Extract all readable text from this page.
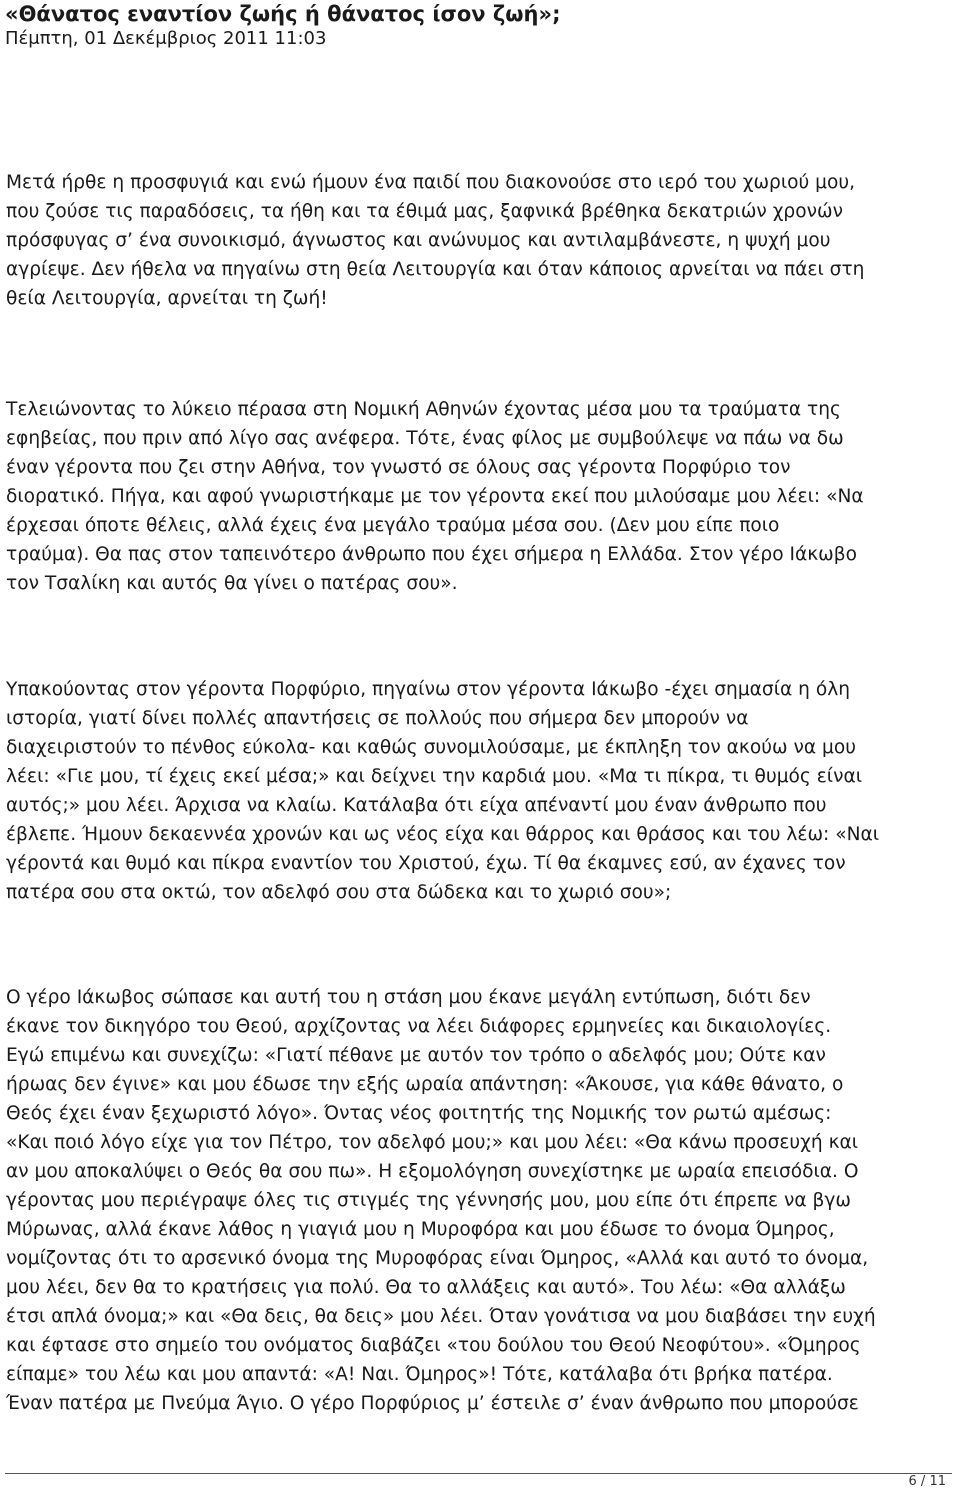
«Θάνατος εναντίον ζωής ή θάνατος ίσον ζωή»;
Πέμπτη, 01 Δεκέμβριος 2011 11:03
Μετά ήρθε η προσφυγιά και ενώ ήμουν ένα παιδί που διακονούσε στο ιερό του χωριού μου,
που ζούσε τις παραδόσεις, τα ήθη και τα έθιμά μας, ξαφνικά βρέθηκα δεκατριών χρονών
πρόσφυγας σ’ ένα συνοικισμό, άγνωστος και ανώνυμος και αντιλαμβάνεστε, η ψυχή μου
αγρίεψε. Δεν ήθελα να πηγαίνω στη θεία Λειτουργία και όταν κάποιος αρνείται να πάει στη
θεία Λειτουργία, αρνείται τη ζωή!
Τελειώνοντας το λύκειο πέρασα στη Νομική Αθηνών έχοντας μέσα μου τα τραύματα της
εφηβείας, που πριν από λίγο σας ανέφερα. Τότε, ένας φίλος με συμβούλεψε να πάω να δω
έναν γέροντα που ζει στην Αθήνα, τον γνωστό σε όλους σας γέροντα Πορφύριο τον
διορατικό. Πήγα, και αφού γνωριστήκαμε με τον γέροντα εκεί που μιλούσαμε μου λέει: «Να
έρχεσαι όποτε θέλεις, αλλά έχεις ένα μεγάλο τραύμα μέσα σου. (Δεν μου είπε ποιο
τραύμα). Θα πας στον ταπεινότερο άνθρωπο που έχει σήμερα η Ελλάδα. Στον γέρο Ιάκωβο
τον Τσαλίκη και αυτός θα γίνει ο πατέρας σου».
Υπακούοντας στον γέροντα Πορφύριο, πηγαίνω στον γέροντα Ιάκωβο -έχει σημασία η όλη
ιστορία, γιατί δίνει πολλές απαντήσεις σε πολλούς που σήμερα δεν μπορούν να
διαχειριστούν το πένθος εύκολα- και καθώς συνομιλούσαμε, με έκπληξη τον ακούω να μου
λέει: «Γιε μου, τί έχεις εκεί μέσα;» και δείχνει την καρδιά μου. «Μα τι πίκρα, τι θυμός είναι
αυτός;» μου λέει. Άρχισα να κλαίω. Κατάλαβα ότι είχα απέναντί μου έναν άνθρωπο που
έβλεπε. Ήμουν δεκαεννέα χρονών και ως νέος είχα και θάρρος και θράσος και του λέω: «Ναι
γέροντά και θυμό και πίκρα εναντίον του Χριστού, έχω. Τί θα έκαμνες εσύ, αν έχανες τον
πατέρα σου στα οκτώ, τον αδελφό σου στα δώδεκα και το χωριό σου»;
Ο γέρο Ιάκωβος σώπασε και αυτή του η στάση μου έκανε μεγάλη εντύπωση, διότι δεν
έκανε τον δικηγόρο του Θεού, αρχίζοντας να λέει διάφορες ερμηνείες και δικαιολογίες.
Εγώ επιμένω και συνεχίζω: «Γιατί πέθανε με αυτόν τον τρόπο ο αδελφός μου; Ούτε καν
ήρωας δεν έγινε» και μου έδωσε την εξής ωραία απάντηση: «Άκουσε, για κάθε θάνατο, ο
Θεός έχει έναν ξεχωριστό λόγο». Όντας νέος φοιτητής της Νομικής τον ρωτώ αμέσως:
«Και ποιό λόγο είχε για τον Πέτρο, τον αδελφό μου;» και μου λέει: «Θα κάνω προσευχή και
αν μου αποκαλύψει ο Θεός θα σου πω». Η εξομολόγηση συνεχίστηκε με ωραία επεισόδια. Ο
γέροντας μου περιέγραψε όλες τις στιγμές της γέννησής μου, μου είπε ότι έπρεπε να βγω
Μύρωνας, αλλά έκανε λάθος η γιαγιά μου η Μυροφόρα και μου έδωσε το όνομα Όμηρος,
νομίζοντας ότι το αρσενικό όνομα της Μυροφόρας είναι Όμηρος, «Αλλά και αυτό το όνομα,
μου λέει, δεν θα το κρατήσεις για πολύ. Θα το αλλάξεις και αυτό». Του λέω: «Θα αλλάξω
έτσι απλά όνομα;» και «Θα δεις, θα δεις» μου λέει. Όταν γονάτισα να μου διαβάσει την ευχή
και έφτασε στο σημείο του ονόματος διαβάζει «του δούλου του Θεού Νεοφύτου». «Όμηρος
είπαμε» του λέω και μου απαντά: «Α! Ναι. Όμηρος»! Τότε, κατάλαβα ότι βρήκα πατέρα.
Έναν πατέρα με Πνεύμα Άγιο. Ο γέρο Πορφύριος μ’ έστειλε σ’ έναν άνθρωπο που μπορούσε
6 / 11
